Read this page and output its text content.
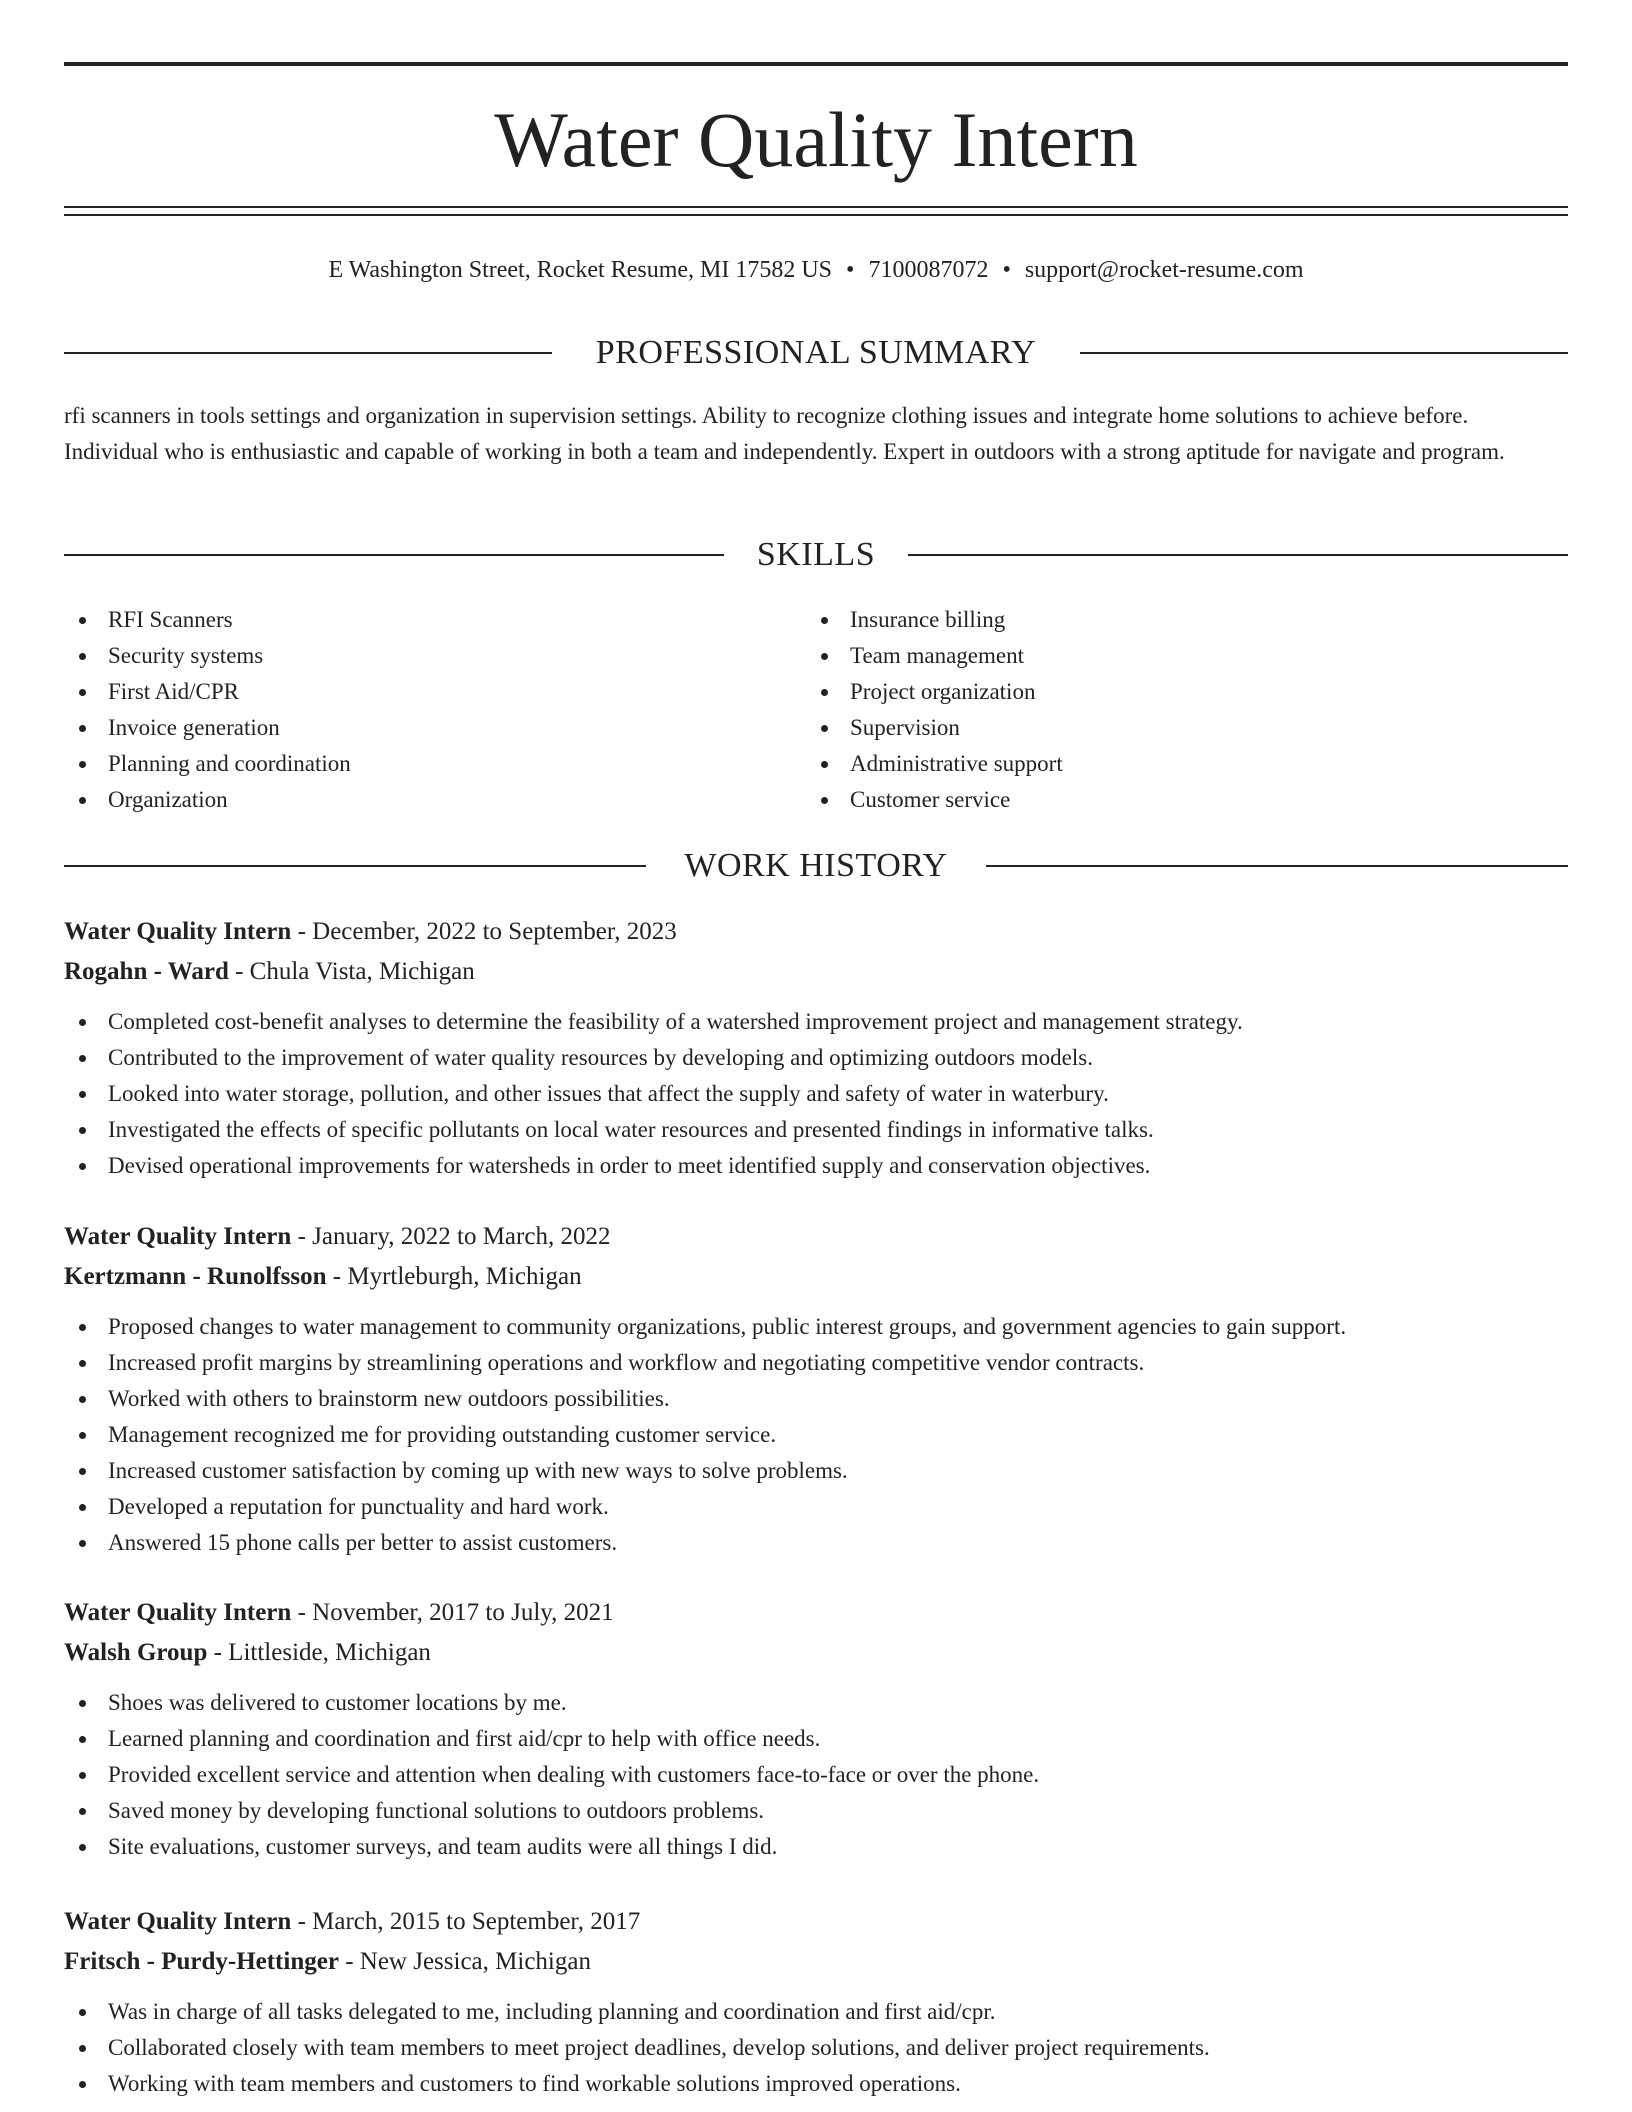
Water Quality Intern

E Washington Street, Rocket Resume, MI 17582 US • 7100087072 • support@rocket-resume.com

PROFESSIONAL SUMMARY

rfi scanners in tools settings and organization in supervision settings. Ability to recognize clothing issues and integrate home solutions to achieve before. Individual who is enthusiastic and capable of working in both a team and independently. Expert in outdoors with a strong aptitude for navigate and program.

SKILLS
RFI Scanners
Security systems
First Aid/CPR
Invoice generation
Planning and coordination
Organization
Insurance billing
Team management
Project organization
Supervision
Administrative support
Customer service
WORK HISTORY

Water Quality Intern - December, 2022 to September, 2023

Rogahn - Ward - Chula Vista, Michigan

Completed cost-benefit analyses to determine the feasibility of a watershed improvement project and management strategy.
Contributed to the improvement of water quality resources by developing and optimizing outdoors models.
Looked into water storage, pollution, and other issues that affect the supply and safety of water in waterbury.
Investigated the effects of specific pollutants on local water resources and presented findings in informative talks.
Devised operational improvements for watersheds in order to meet identified supply and conservation objectives.

Water Quality Intern - January, 2022 to March, 2022

Kertzmann - Runolfsson - Myrtleburgh, Michigan

Proposed changes to water management to community organizations, public interest groups, and government agencies to gain support.
Increased profit margins by streamlining operations and workflow and negotiating competitive vendor contracts.
Worked with others to brainstorm new outdoors possibilities.
Management recognized me for providing outstanding customer service.
Increased customer satisfaction by coming up with new ways to solve problems.
Developed a reputation for punctuality and hard work.
Answered 15 phone calls per better to assist customers.

Water Quality Intern - November, 2017 to July, 2021

Walsh Group - Littleside, Michigan

Shoes was delivered to customer locations by me.
Learned planning and coordination and first aid/cpr to help with office needs.
Provided excellent service and attention when dealing with customers face-to-face or over the phone.
Saved money by developing functional solutions to outdoors problems.
Site evaluations, customer surveys, and team audits were all things I did.

Water Quality Intern - March, 2015 to September, 2017

Fritsch - Purdy-Hettinger - New Jessica, Michigan

Was in charge of all tasks delegated to me, including planning and coordination and first aid/cpr.
Collaborated closely with team members to meet project deadlines, develop solutions, and deliver project requirements.
Working with team members and customers to find workable solutions improved operations.
